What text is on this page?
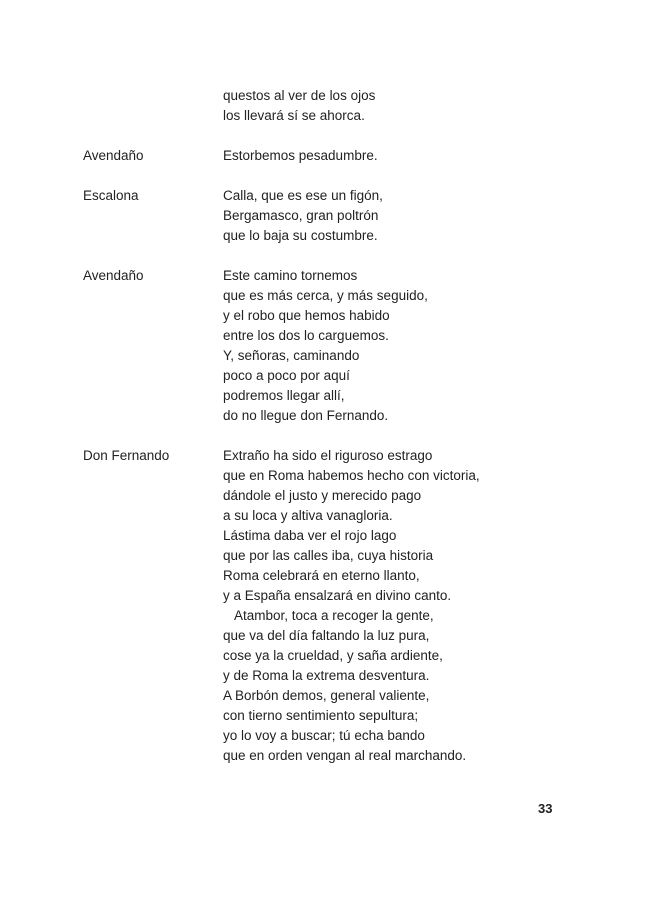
questos al ver de los ojos
los llevará sí se ahorca.
Avendaño	Estorbemos pesadumbre.
Escalona	Calla, que es ese un figón,
Bergamasco, gran poltrón
que lo baja su costumbre.
Avendaño	Este camino tornemos
que es más cerca, y más seguido,
y el robo que hemos habido
entre los dos lo carguemos.
Y, señoras, caminando
poco a poco por aquí
podremos llegar allí,
do no llegue don Fernando.
Don Fernando	Extraño ha sido el riguroso estrago
que en Roma habemos hecho con victoria,
dándole el justo y merecido pago
a su loca y altiva vanagloria.
Lástima daba ver el rojo lago
que por las calles iba, cuya historia
Roma celebrará en eterno llanto,
y a España ensalzará en divino canto.
Atambor, toca a recoger la gente,
que va del día faltando la luz pura,
cose ya la crueldad, y saña ardiente,
y de Roma la extrema desventura.
A Borbón demos, general valiente,
con tierno sentimiento sepultura;
yo lo voy a buscar; tú echa bando
que en orden vengan al real marchando.
33
